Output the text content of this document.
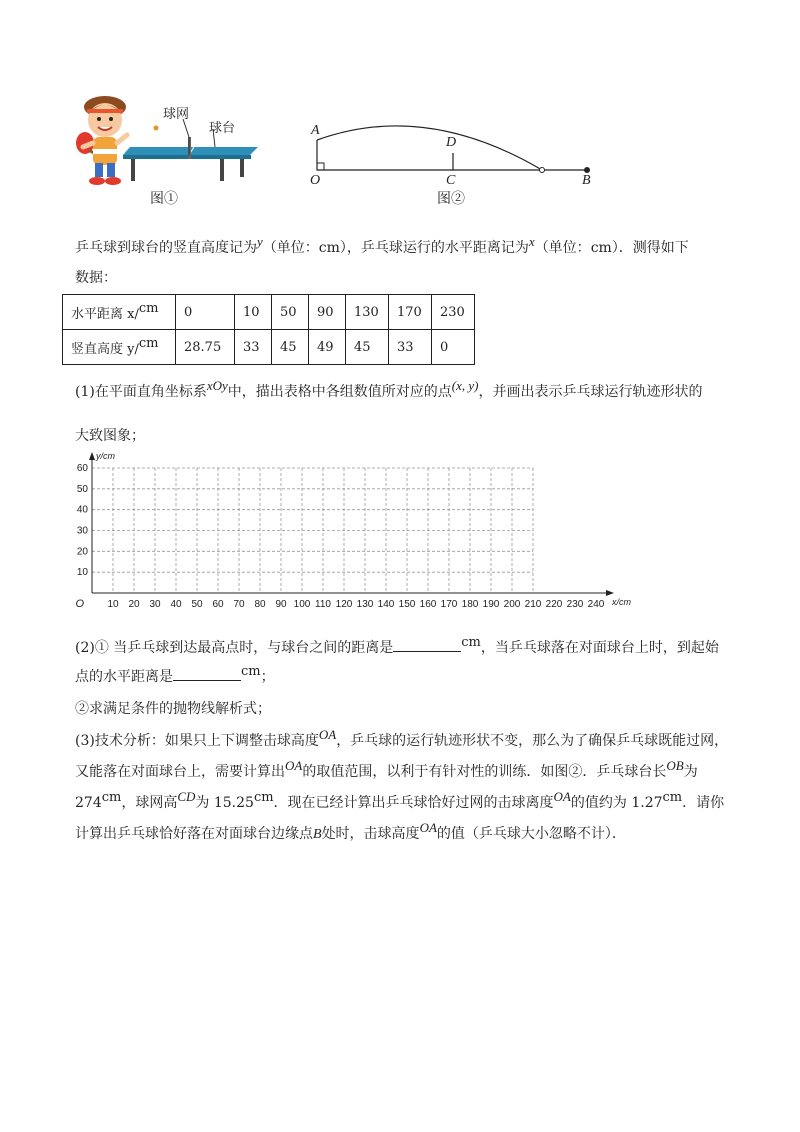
球网
球台
图①
A
O
D
C	B
图②
乒乓球到球台的竖直高度记为y（单位：cm），乒乓球运行的水平距离记为x（单位：cm）．测得如下
数据：
水平距离 x/cm	0	10	50	90	130	170	230
竖直高度 y/cm	28.75	33	45	49	45	33	0
(1)在平面直角坐标系xOy中，描出表格中各组数值所对应的点(x, y)，并画出表示乒乓球运行轨迹形状的
大致图象；
10 20 30 40 50 60 70 80 90 100 110 120 130 140 150 160 170 180 190 200 210 220 230 240
10
20
30
40
50
60
O	x/cm
y/cm
(2)① 当乒乓球到达最高点时，与球台之间的距离是	cm，当乒乓球落在对面球台上时，到起始
点的水平距离是	cm；
②求满足条件的抛物线解析式；
(3)技术分析：如果只上下调整击球高度OA，乒乓球的运行轨迹形状不变，那么为了确保乒乓球既能过网，
又能落在对面球台上，需要计算出OA的取值范围，以利于有针对性的训练．如图②．乒乓球台长OB为
274cm，球网高CD为 15.25cm．现在已经计算出乒乓球恰好过网的击球离度OA的值约为 1.27cm．请你
计算出乒乓球恰好落在对面球台边缘点B处时，击球高度OA的值（乒乓球大小忽略不计）．
